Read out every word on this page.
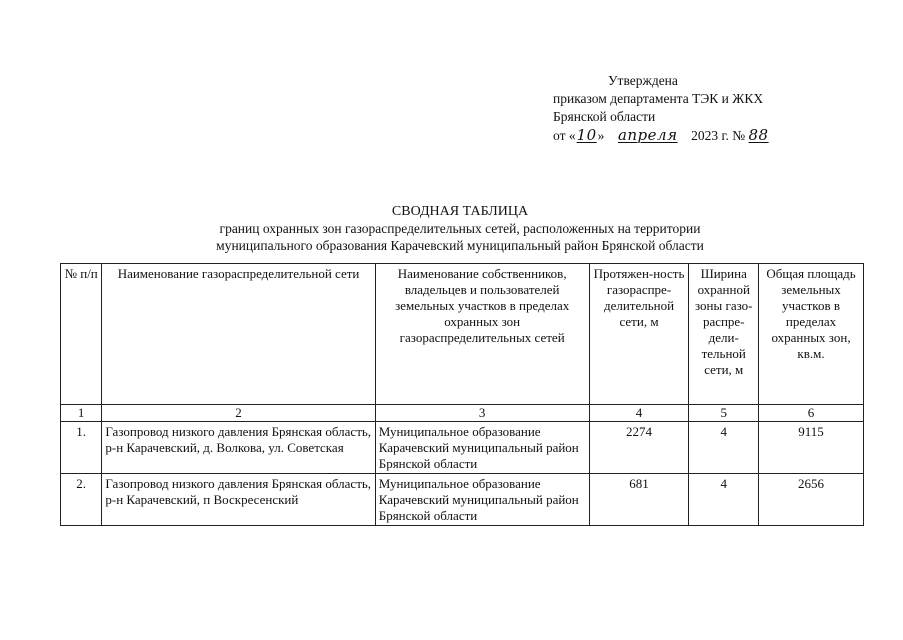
Утверждена
приказом департамента ТЭК и ЖКХ
Брянской области
от «10» апреля 2023 г. № 88
СВОДНАЯ ТАБЛИЦА
границ охранных зон газораспределительных сетей, расположенных на территории
муниципального образования Карачевский муниципальный район Брянской области
№ п/п	Наименование газораспределительной сети	Наименование собственников, владельцев и пользователей земельных участков в пределах охранных зон газораспределительных сетей	Протяжен-ность газораспре-делительной сети, м	Ширина охранной зоны газо-распре-дели-тельной сети, м	Общая площадь земельных участков в пределах охранных зон, кв.м.
1	2	3	4	5	6
1.	Газопровод низкого давления Брянская область, р-н Карачевский, д. Волкова, ул. Советская	Муниципальное образование Карачевский муниципальный район Брянской области	2274	4	9115
2.	Газопровод низкого давления Брянская область, р-н Карачевский, п Воскресенский	Муниципальное образование Карачевский муниципальный район Брянской области	681	4	2656
